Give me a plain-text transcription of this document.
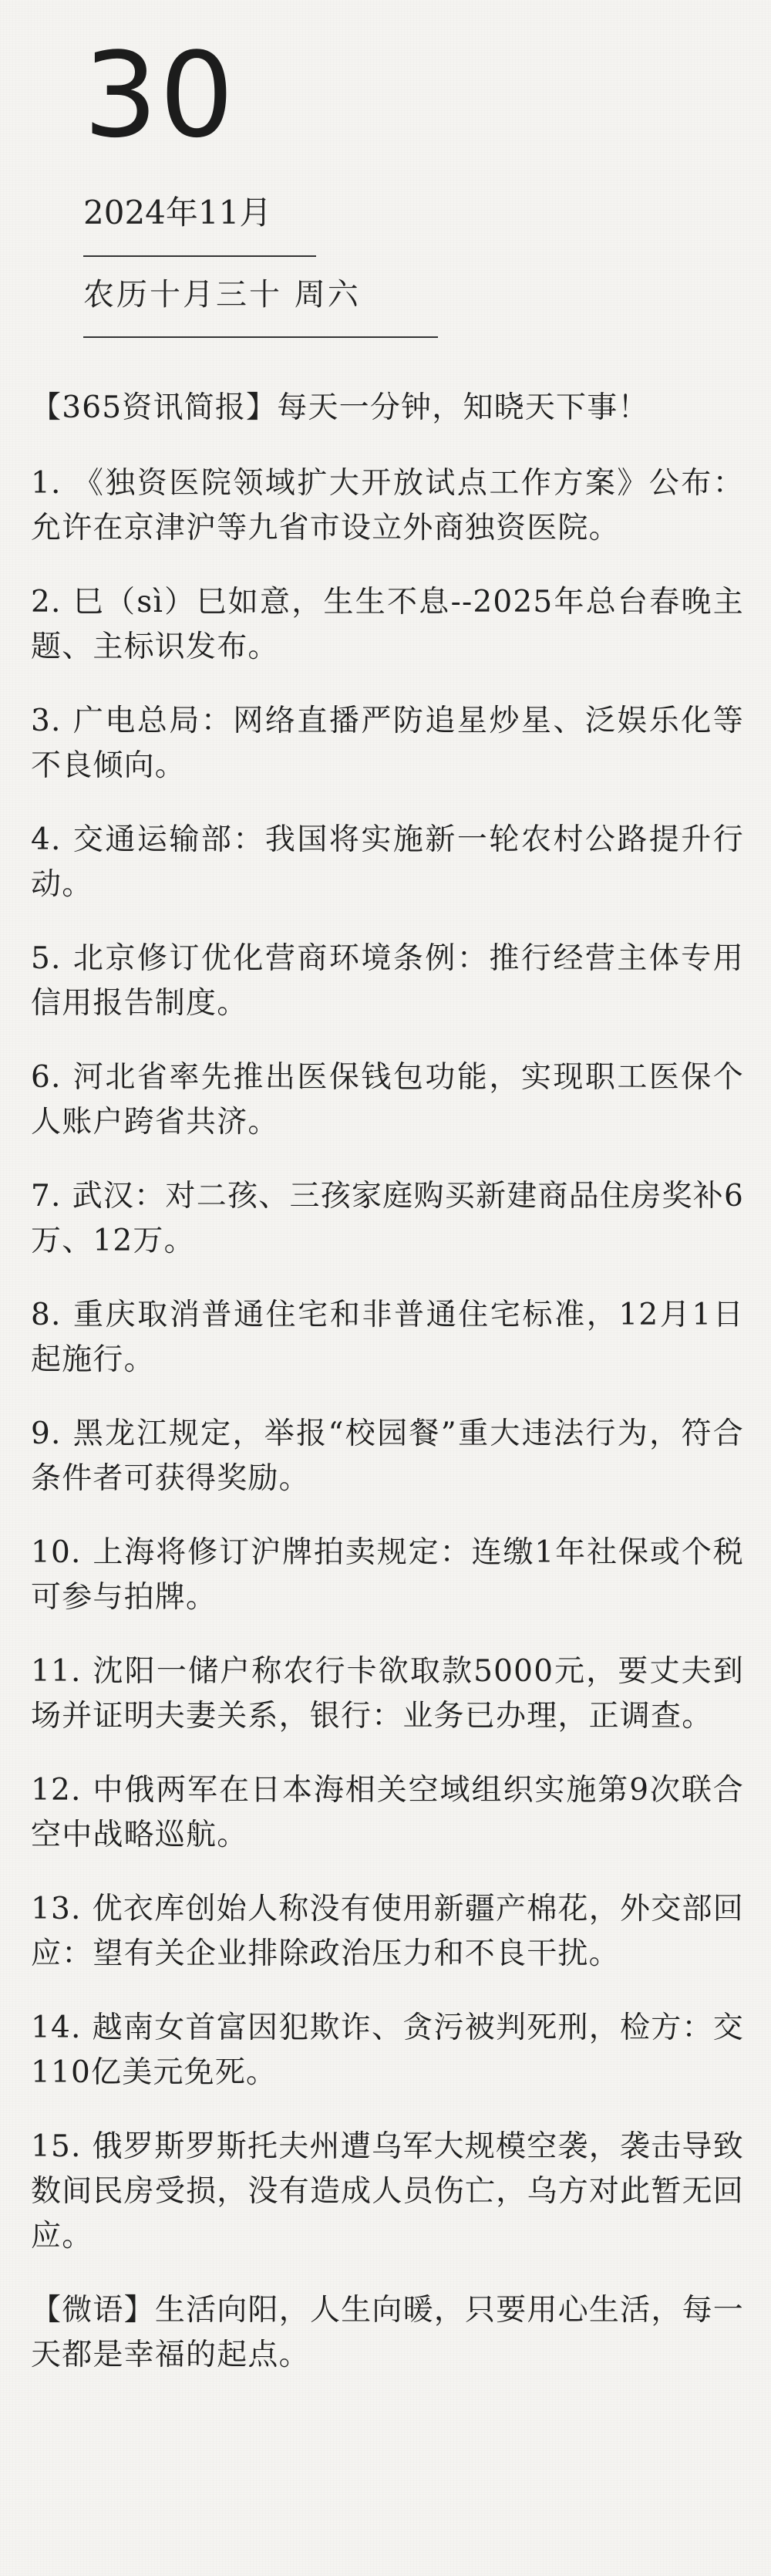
30
2024年11月
农历十月三十 周六

【365资讯简报】每天一分钟，知晓天下事！

1. 《独资医院领域扩大开放试点工作方案》公布：允许在京津沪等九省市设立外商独资医院。

2. 巳（sì）巳如意，生生不息--2025年总台春晚主题、主标识发布。

3. 广电总局：网络直播严防追星炒星、泛娱乐化等不良倾向。

4. 交通运输部：我国将实施新一轮农村公路提升行动。

5. 北京修订优化营商环境条例：推行经营主体专用信用报告制度。

6. 河北省率先推出医保钱包功能，实现职工医保个人账户跨省共济。

7. 武汉：对二孩、三孩家庭购买新建商品住房奖补6万、12万。

8. 重庆取消普通住宅和非普通住宅标准，12月1日起施行。

9. 黑龙江规定，举报“校园餐”重大违法行为，符合条件者可获得奖励。

10. 上海将修订沪牌拍卖规定：连缴1年社保或个税可参与拍牌。

11. 沈阳一储户称农行卡欲取款5000元，要丈夫到场并证明夫妻关系，银行：业务已办理，正调查。

12. 中俄两军在日本海相关空域组织实施第9次联合空中战略巡航。

13. 优衣库创始人称没有使用新疆产棉花，外交部回应：望有关企业排除政治压力和不良干扰。

14. 越南女首富因犯欺诈、贪污被判死刑，检方：交110亿美元免死。

15. 俄罗斯罗斯托夫州遭乌军大规模空袭，袭击导致数间民房受损，没有造成人员伤亡，乌方对此暂无回应。

【微语】生活向阳，人生向暖，只要用心生活，每一天都是幸福的起点。
